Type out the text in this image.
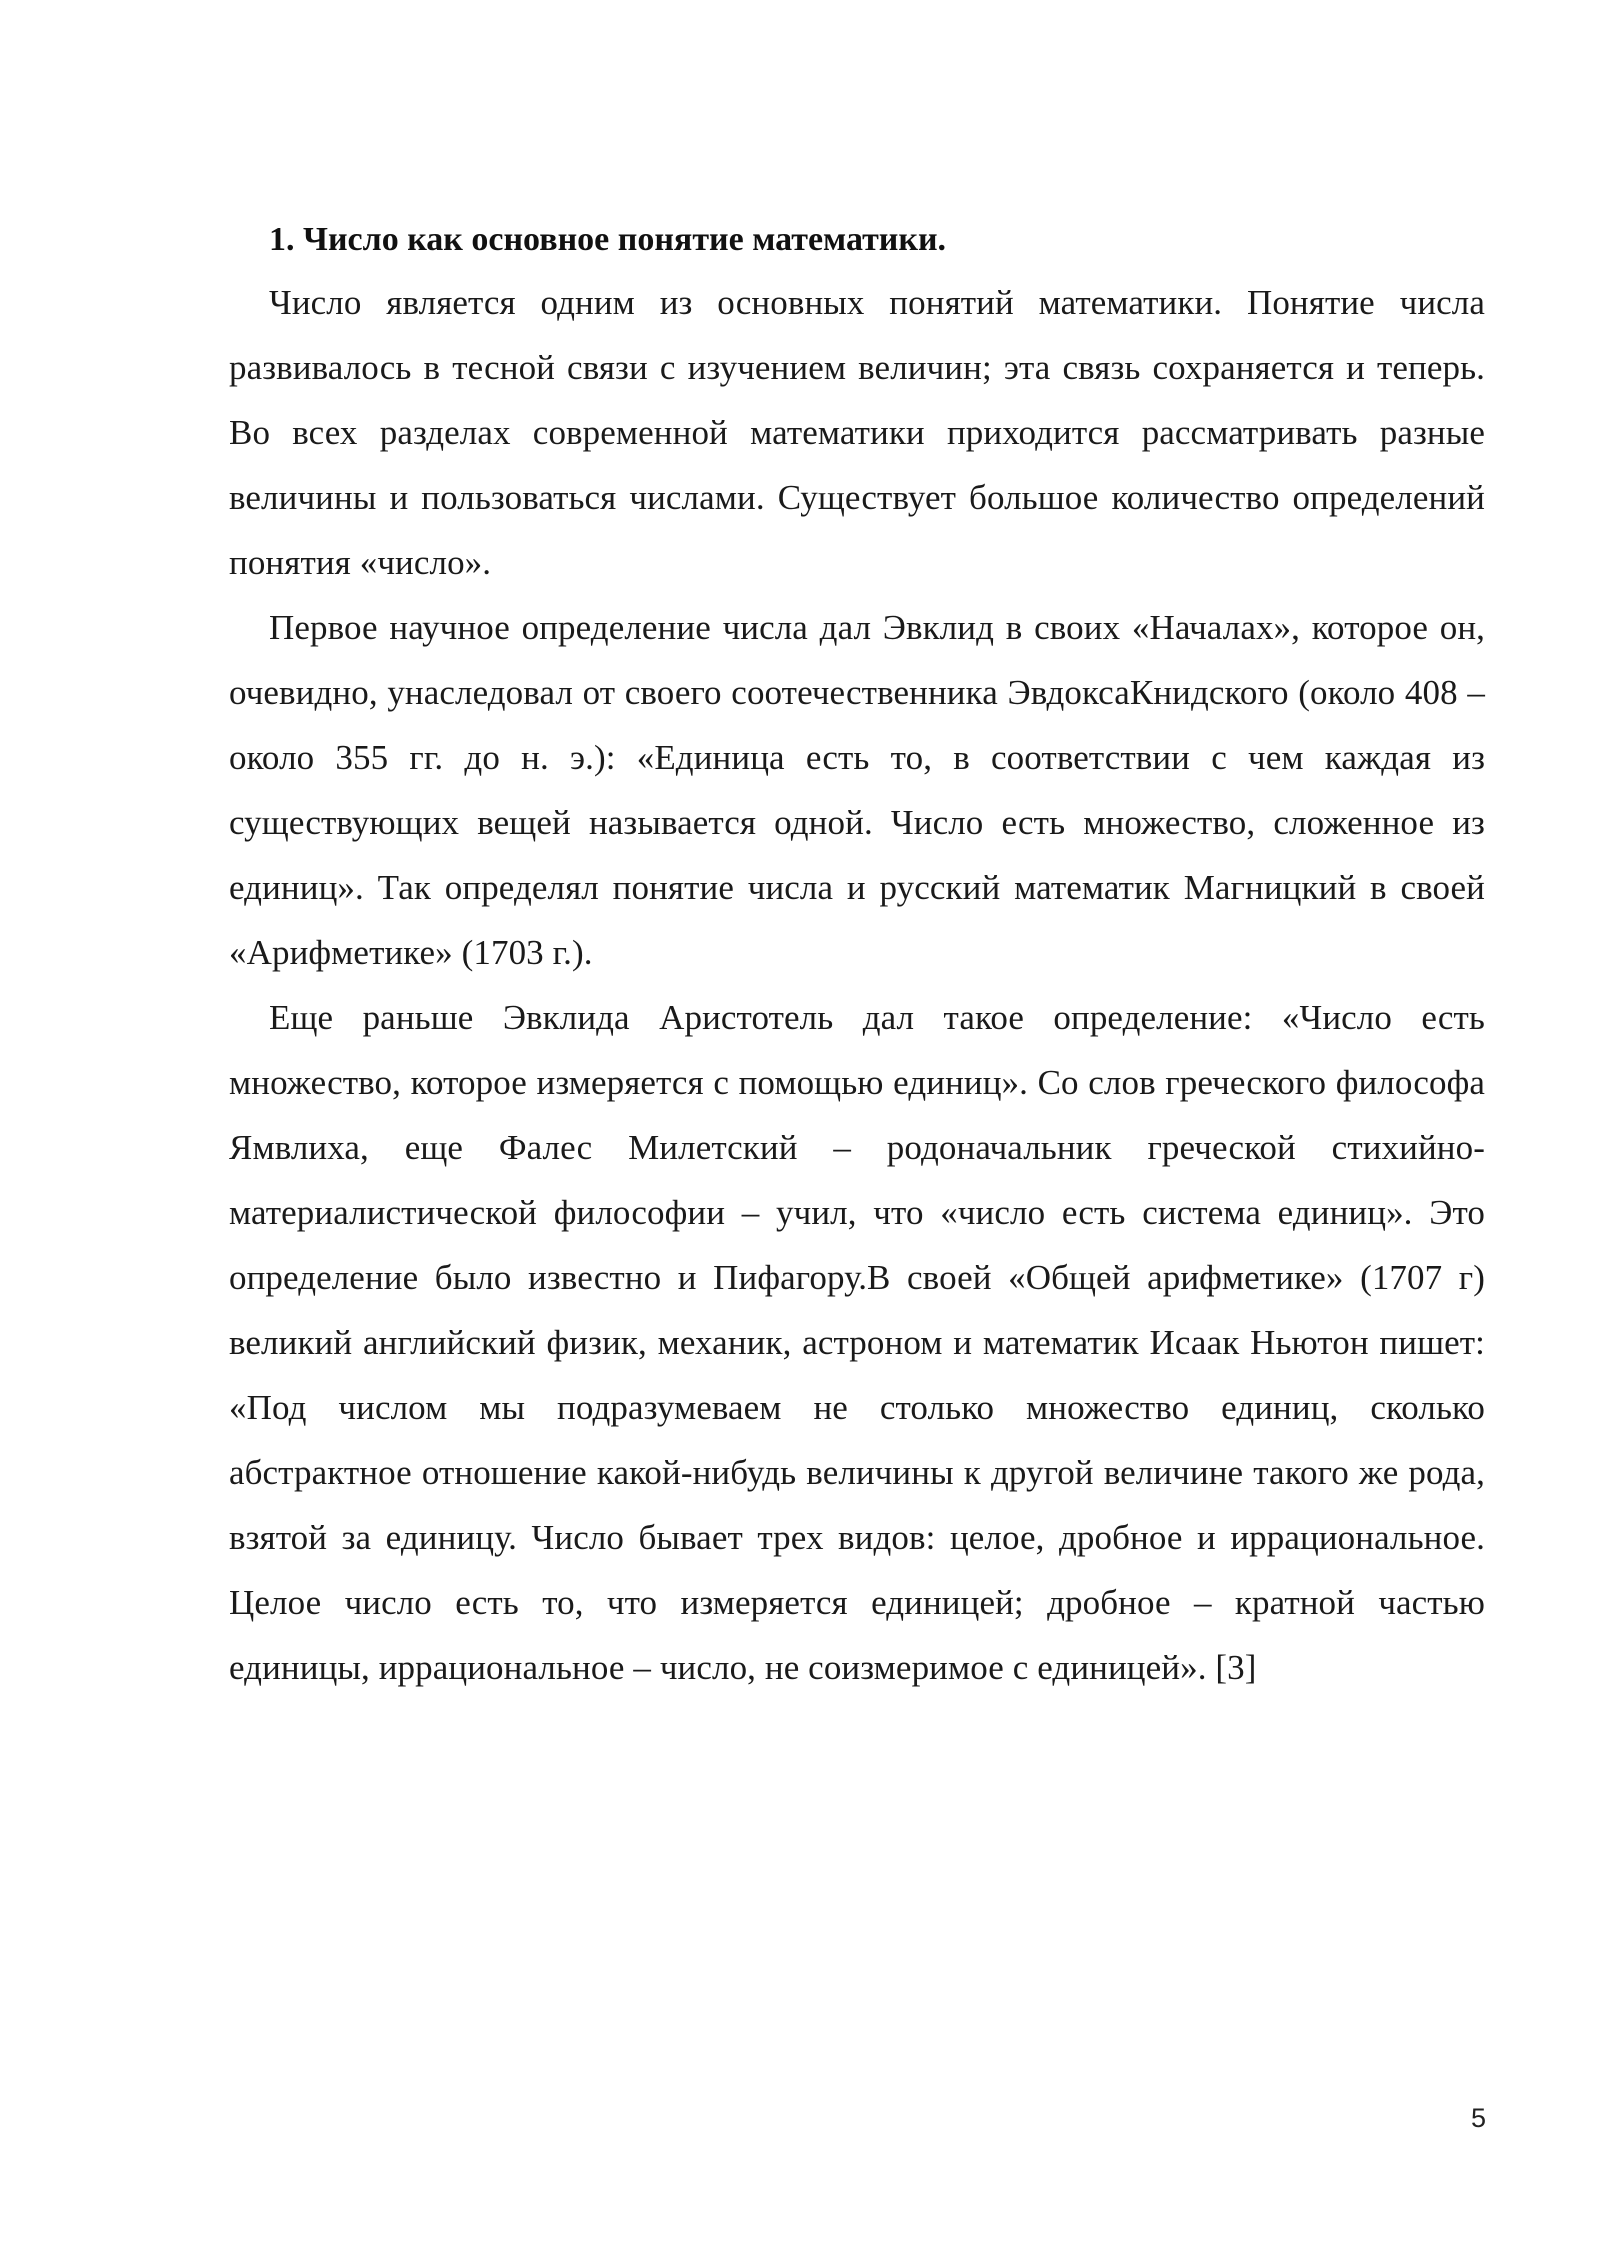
1. Число как основное понятие математики.

Число является одним из основных понятий математики. Понятие числа развивалось в тесной связи с изучением величин; эта связь сохраняется и теперь. Во всех разделах современной математики приходится рассматривать разные величины и пользоваться числами. Существует большое количество определений понятия «число».

Первое научное определение числа дал Эвклид в своих «Началах», которое он, очевидно, унаследовал от своего соотечественника ЭвдоксаКнидского (около 408 – около 355 гг. до н. э.): «Единица есть то, в соответствии с чем каждая из существующих вещей называется одной. Число есть множество, сложенное из единиц». Так определял понятие числа и русский математик Магницкий в своей «Арифметике» (1703 г.).

Еще раньше Эвклида Аристотель дал такое определение: «Число есть множество, которое измеряется с помощью единиц». Со слов греческого философа Ямвлиха, еще Фалес Милетский – родоначальник греческой стихийно-материалистической философии – учил, что «число есть система единиц». Это определение было известно и Пифагору.В своей «Общей арифметике» (1707 г) великий английский физик, механик, астроном и математик Исаак Ньютон пишет: «Под числом мы подразумеваем не столько множество единиц, сколько абстрактное отношение какой-нибудь величины к другой величине такого же рода, взятой за единицу. Число бывает трех видов: целое, дробное и иррациональное. Целое число есть то, что измеряется единицей; дробное – кратной частью единицы, иррациональное – число, не соизмеримое с единицей». [3]

5
